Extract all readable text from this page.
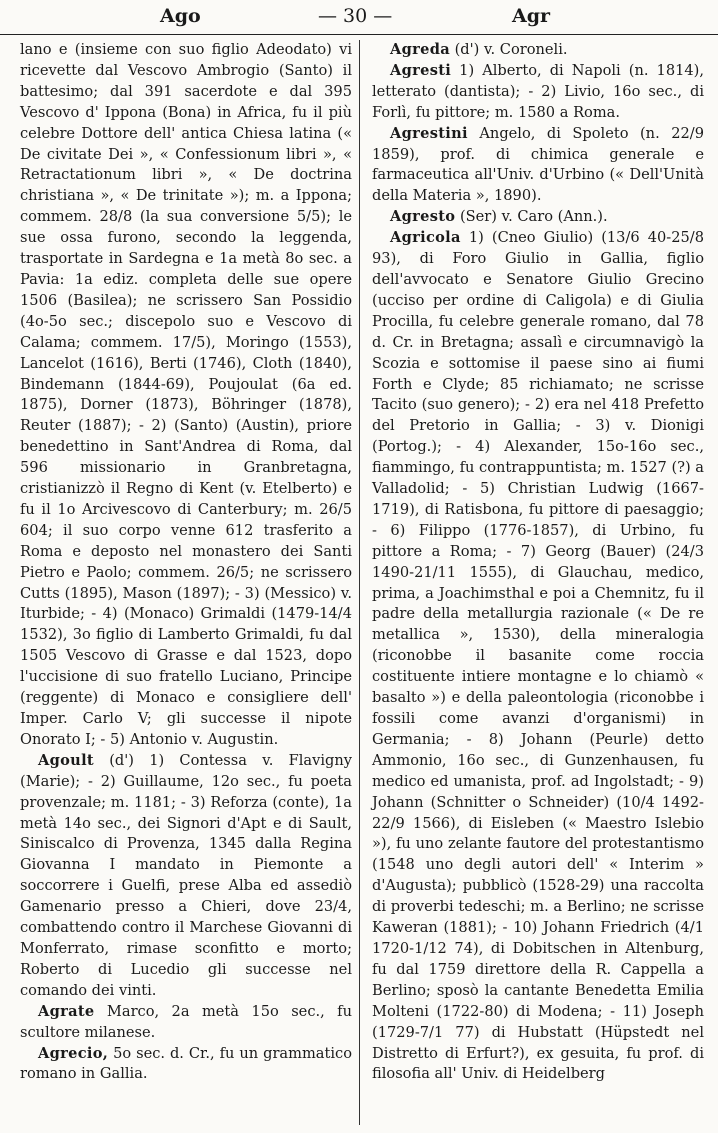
Ago	— 30 —	Agr

lano e (insieme con suo figlio Adeodato) vi ricevette dal Vescovo Ambrogio (Santo) il battesimo; dal 391 sacerdote e dal 395 Vescovo d' Ippona (Bona) in Africa, fu il più celebre Dottore dell' antica Chiesa latina (« De civitate Dei », « Confessionum libri », « Retractationum libri », « De doctrina christiana », « De trinitate »); m. a Ippona; commem. 28/8 (la sua conversione 5/5); le sue ossa furono, secondo la leggenda, trasportate in Sardegna e 1a metà 8o sec. a Pavia: 1a ediz. completa delle sue opere 1506 (Basilea); ne scrissero San Possidio (4o-5o sec.; discepolo suo e Vescovo di Calama; commem. 17/5), Moringo (1553), Lancelot (1616), Berti (1746), Cloth (1840), Bindemann (1844-69), Poujoulat (6a ed. 1875), Dorner (1873), Böhringer (1878), Reuter (1887); - 2) (Santo) (Austin), priore benedettino in Sant'Andrea di Roma, dal 596 missionario in Granbretagna, cristianizzò il Regno di Kent (v. Etelberto) e fu il 1o Arcivescovo di Canterbury; m. 26/5 604; il suo corpo venne 612 trasferito a Roma e deposto nel monastero dei Santi Pietro e Paolo; commem. 26/5; ne scrissero Cutts (1895), Mason (1897); - 3) (Messico) v. Iturbide; - 4) (Monaco) Grimaldi (1479-14/4 1532), 3o figlio di Lamberto Grimaldi, fu dal 1505 Vescovo di Grasse e dal 1523, dopo l'uccisione di suo fratello Luciano, Principe (reggente) di Monaco e consigliere dell' Imper. Carlo V; gli successe il nipote Onorato I; - 5) Antonio v. Augustin.

Agoult (d') 1) Contessa v. Flavigny (Marie); - 2) Guillaume, 12o sec., fu poeta provenzale; m. 1181; - 3) Reforza (conte), 1a metà 14o sec., dei Signori d'Apt e di Sault, Siniscalco di Provenza, 1345 dalla Regina Giovanna I mandato in Piemonte a soccorrere i Guelfi, prese Alba ed assediò Gamenario presso a Chieri, dove 23/4, combattendo contro il Marchese Giovanni di Monferrato, rimase sconfitto e morto; Roberto di Lucedio gli successe nel comando dei vinti.

Agrate Marco, 2a metà 15o sec., fu scultore milanese.

Agrecio, 5o sec. d. Cr., fu un grammatico romano in Gallia.

Agreda (d') v. Coroneli.

Agresti 1) Alberto, di Napoli (n. 1814), letterato (dantista); - 2) Livio, 16o sec., di Forlì, fu pittore; m. 1580 a Roma.

Agrestini Angelo, di Spoleto (n. 22/9 1859), prof. di chimica generale e farmaceutica all'Univ. d'Urbino (« Dell'Unità della Materia », 1890).

Agresto (Ser) v. Caro (Ann.).

Agricola 1) (Cneo Giulio) (13/6 40-25/8 93), di Foro Giulio in Gallia, figlio dell'avvocato e Senatore Giulio Grecino (ucciso per ordine di Caligola) e di Giulia Procilla, fu celebre generale romano, dal 78 d. Cr. in Bretagna; assalì e circumnavigò la Scozia e sottomise il paese sino ai fiumi Forth e Clyde; 85 richiamato; ne scrisse Tacito (suo genero); - 2) era nel 418 Prefetto del Pretorio in Gallia; - 3) v. Dionigi (Portog.); - 4) Alexander, 15o-16o sec., fiammingo, fu contrappuntista; m. 1527 (?) a Valladolid; - 5) Christian Ludwig (1667-1719), di Ratisbona, fu pittore di paesaggio; - 6) Filippo (1776-1857), di Urbino, fu pittore a Roma; - 7) Georg (Bauer) (24/3 1490-21/11 1555), di Glauchau, medico, prima, a Joachimsthal e poi a Chemnitz, fu il padre della metallurgia razionale (« De re metallica », 1530), della mineralogia (riconobbe il basanite come roccia costituente intiere montagne e lo chiamò « basalto ») e della paleontologia (riconobbe i fossili come avanzi d'organismi) in Germania; - 8) Johann (Peurle) detto Ammonio, 16o sec., di Gunzenhausen, fu medico ed umanista, prof. ad Ingolstadt; - 9) Johann (Schnitter o Schneider) (10/4 1492-22/9 1566), di Eisleben (« Maestro Islebio »), fu uno zelante fautore del protestantismo (1548 uno degli autori dell' « Interim » d'Augusta); pubblicò (1528-29) una raccolta di proverbi tedeschi; m. a Berlino; ne scrisse Kaweran (1881); - 10) Johann Friedrich (4/1 1720-1/12 74), di Dobitschen in Altenburg, fu dal 1759 direttore della R. Cappella a Berlino; sposò la cantante Benedetta Emilia Molteni (1722-80) di Modena; - 11) Joseph (1729-7/1 77) di Hubstatt (Hüpstedt nel Distretto di Erfurt?), ex gesuita, fu prof. di filosofia all' Univ. di Heidelberg
